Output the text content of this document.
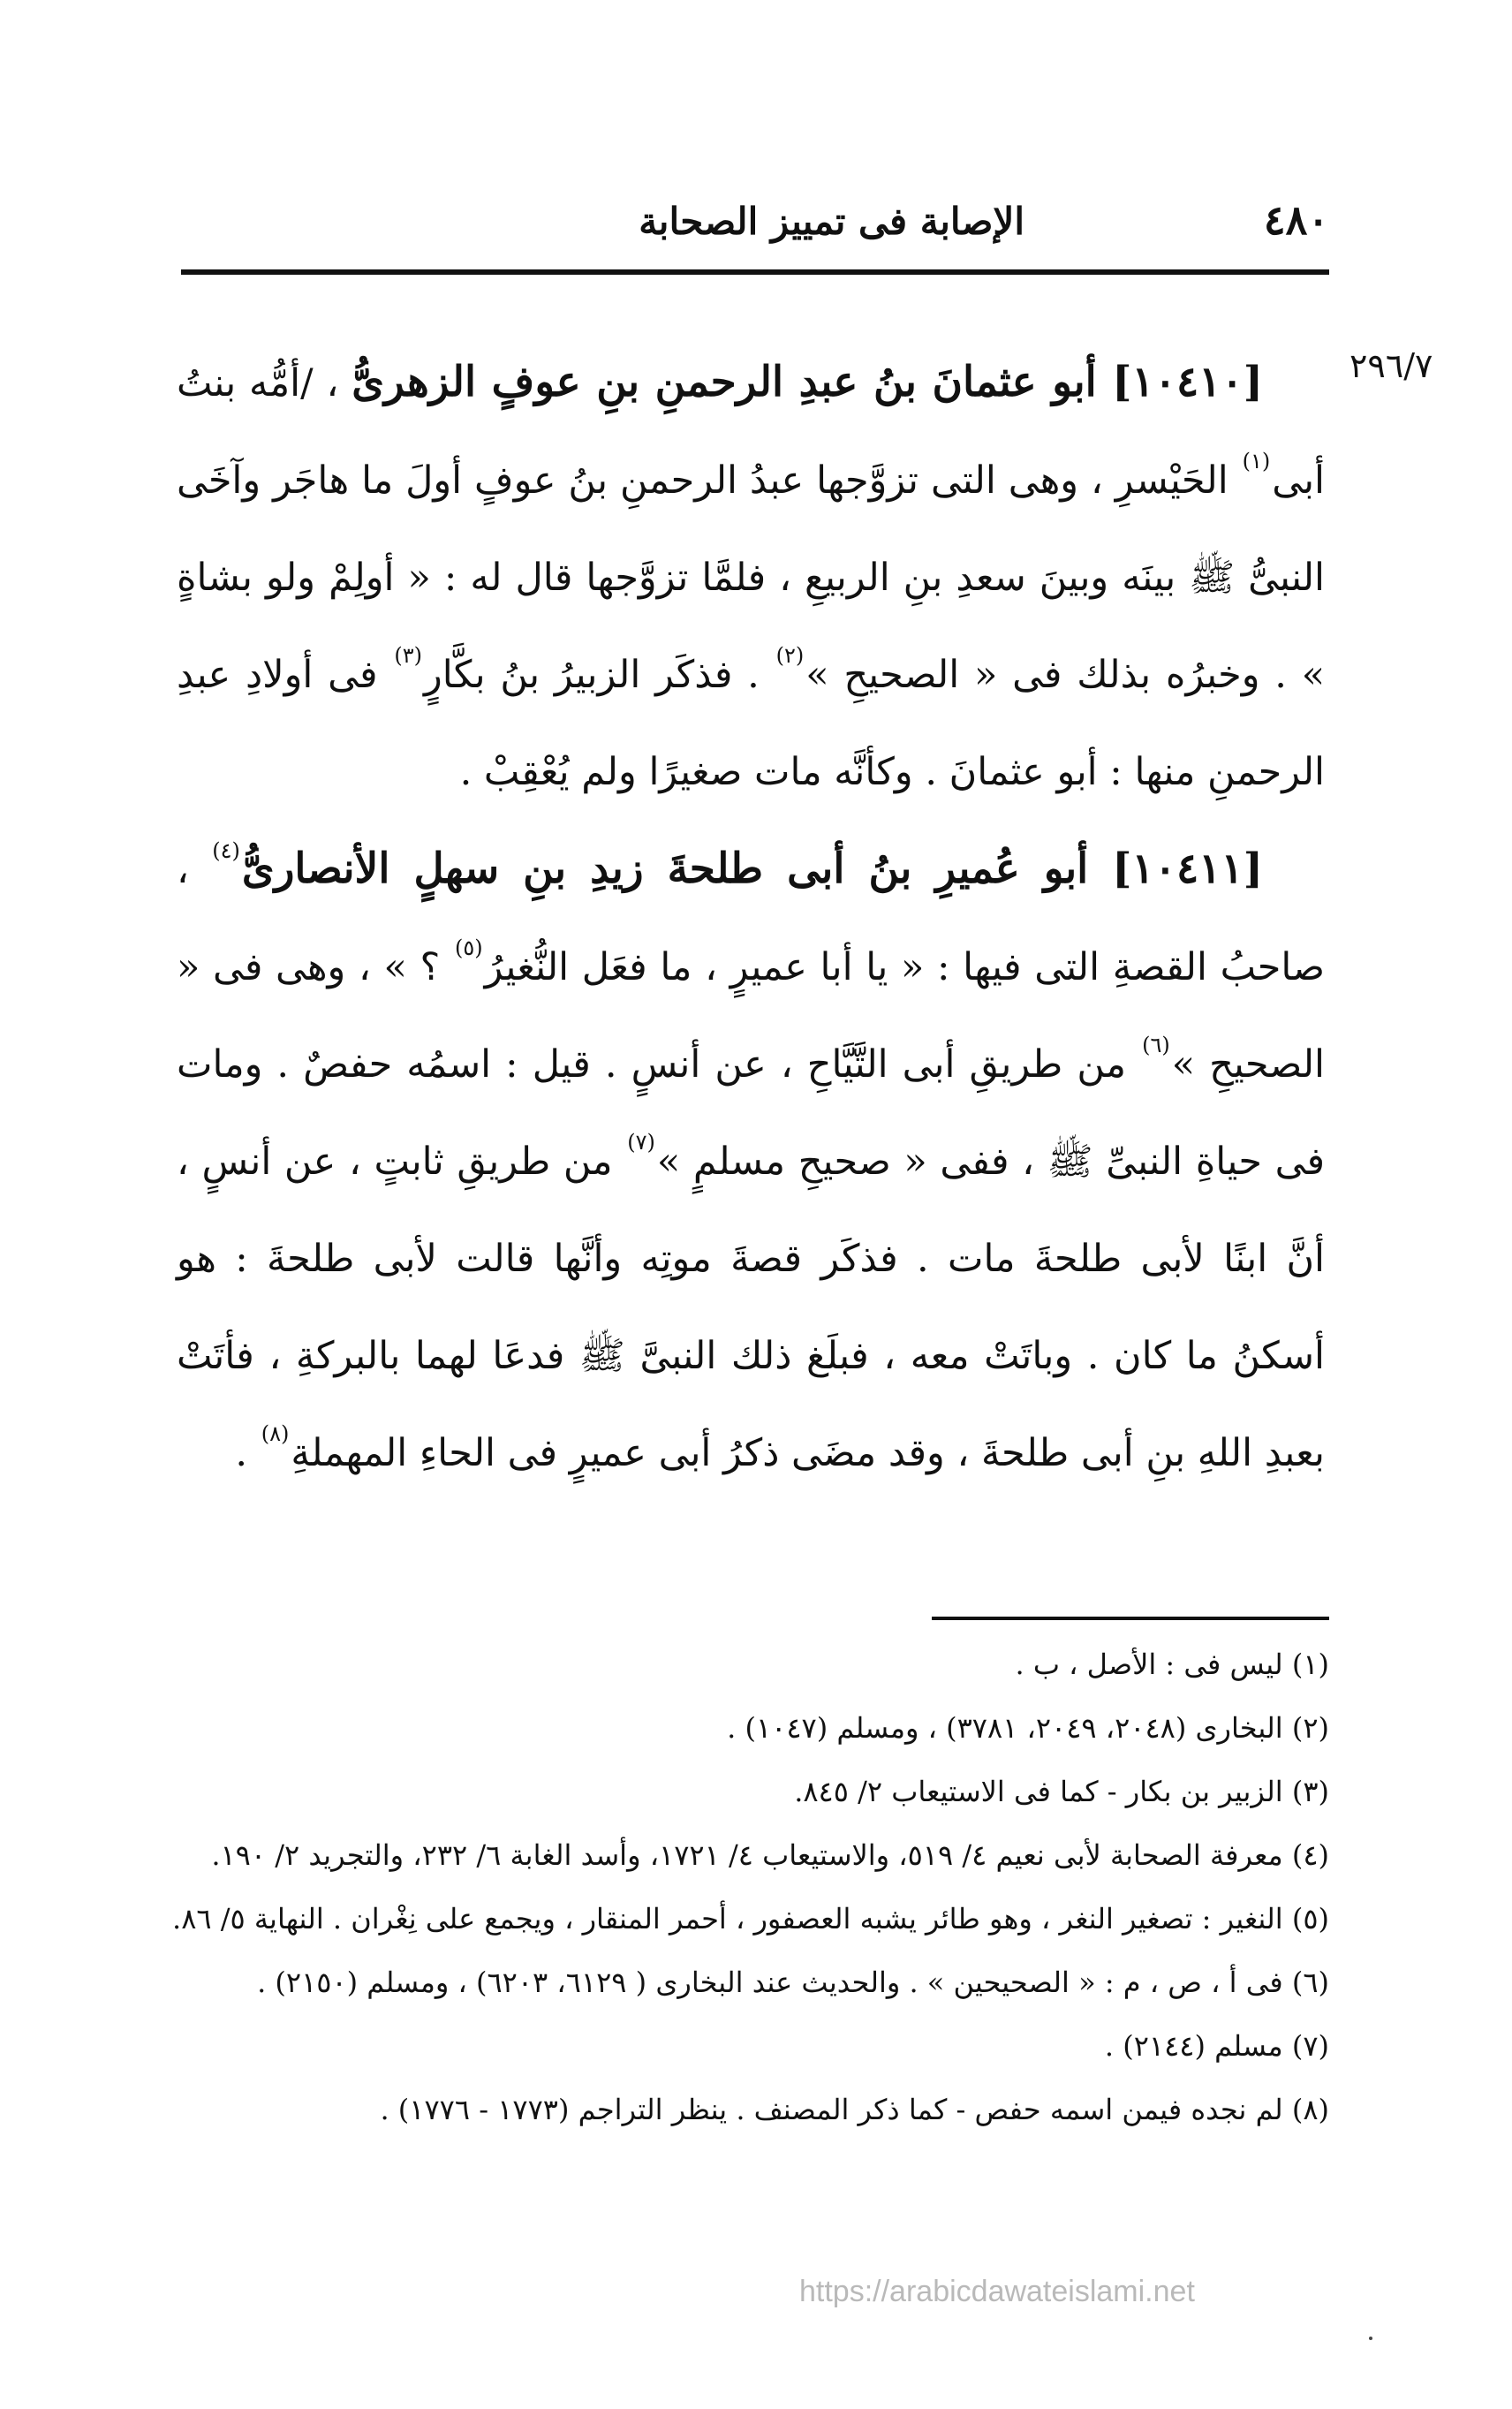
٤٨٠
الإصابة فى تمييز الصحابة
٢٩٦/٧

[١٠٤١٠] أبو عثمانَ بنُ عبدِ الرحمنِ بنِ عوفٍ الزهرىُّ ، /أمُّه بنتُ أبى$^{(١)}$ الحَيْسرِ ، وهى التى تزوَّجها عبدُ الرحمنِ بنُ عوفٍ أولَ ما هاجَر وآخَى النبىُّ ﷺ بينَه وبينَ سعدِ بنِ الربيعِ ، فلمَّا تزوَّجها قال له : « أولِمْ ولو بشاةٍ » . وخبرُه بذلك فى « الصحيحِ »$^{(٢)}$ . فذكَر الزبيرُ بنُ بكَّارٍ$^{(٣)}$ فى أولادِ عبدِ الرحمنِ منها : أبو عثمانَ . وكأنَّه مات صغيرًا ولم يُعْقِبْ .

[١٠٤١١] أبو عُميرِ بنُ أبى طلحةَ زيدِ بنِ سهلٍ الأنصارىُّ$^{(٤)}$ ، صاحبُ القصةِ التى فيها : « يا أبا عميرٍ ، ما فعَل النُّغيرُ$^{(٥)}$ ؟ » ، وهى فى « الصحيحِ »$^{(٦)}$ من طريقِ أبى التَّيَّاحِ ، عن أنسٍ . قيل : اسمُه حفصٌ . ومات فى حياةِ النبىِّ ﷺ ، ففى « صحيحِ مسلمٍ »$^{(٧)}$ من طريقِ ثابتٍ ، عن أنسٍ ، أنَّ ابنًا لأبى طلحةَ مات . فذكَر قصةَ موتِه وأنَّها قالت لأبى طلحةَ : هو أسكنُ ما كان . وباتَتْ معه ، فبلَغ ذلك النبىَّ ﷺ فدعَا لهما بالبركةِ ، فأتَتْ بعبدِ اللهِ بنِ أبى طلحةَ ، وقد مضَى ذكرُ أبى عميرٍ فى الحاءِ المهملةِ$^{(٨)}$ .

(١) ليس فى : الأصل ، ب .

(٢) البخارى (٢٠٤٨، ٢٠٤٩، ٣٧٨١) ، ومسلم (١٠٤٧) .

(٣) الزبير بن بكار - كما فى الاستيعاب ٢/ ٨٤٥.

(٤) معرفة الصحابة لأبى نعيم ٤/ ٥١٩، والاستيعاب ٤/ ١٧٢١، وأسد الغابة ٦/ ٢٣٢، والتجريد ٢/ ١٩٠.

(٥) النغير : تصغير النغر ، وهو طائر يشبه العصفور ، أحمر المنقار ، ويجمع على نِغْران . النهاية ٥/ ٨٦.

(٦) فى أ ، ص ، م : « الصحيحين » . والحديث عند البخارى ( ٦١٢٩، ٦٢٠٣) ، ومسلم (٢١٥٠) .

(٧) مسلم (٢١٤٤) .

(٨) لم نجده فيمن اسمه حفص - كما ذكر المصنف . ينظر التراجم (١٧٧٣ - ١٧٧٦) .

https://arabicdawateislami.net
